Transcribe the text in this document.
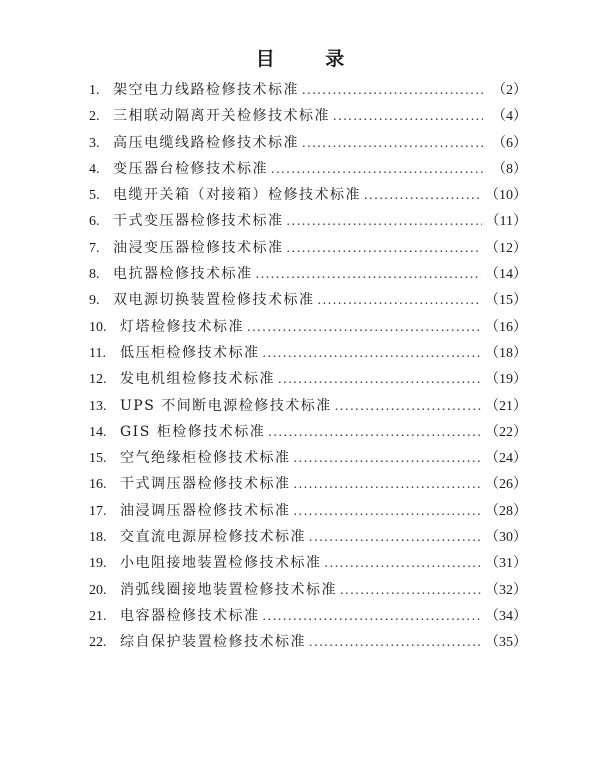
目 录
1. 架空电力线路检修技术标准 .....	（2）
2. 三相联动隔离开关检修技术标准 .....	（4）
3. 高压电缆线路检修技术标准 .....	（6）
4. 变压器台检修技术标准 .....	（8）
5. 电缆开关箱（对接箱）检修技术标准 .....	（10）
6. 干式变压器检修技术标准 .....	（11）
7. 油浸变压器检修技术标准 .....	（12）
8. 电抗器检修技术标准 .....	（14）
9. 双电源切换装置检修技术标准 .....	（15）
10. 灯塔检修技术标准 .....	（16）
11.	低压柜检修技术标准 .....	（18）
12. 发电机组检修技术标准 .....	（19）
13. UPS 不间断电源检修技术标准 .....	（21）
14. GIS 柜检修技术标准 .....	（22）
15. 空气绝缘柜检修技术标准 .....	（24）
16. 干式调压器检修技术标准 .....	（26）
17. 油浸调压器检修技术标准 .....	（28）
18. 交直流电源屏检修技术标准 .....	（30）
19. 小电阻接地装置检修技术标准 .....	（31）
20. 消弧线圈接地装置检修技术标准 .....	（32）
21. 电容器检修技术标准 .....	（34）
22. 综自保护装置检修技术标准 .....	（35）
